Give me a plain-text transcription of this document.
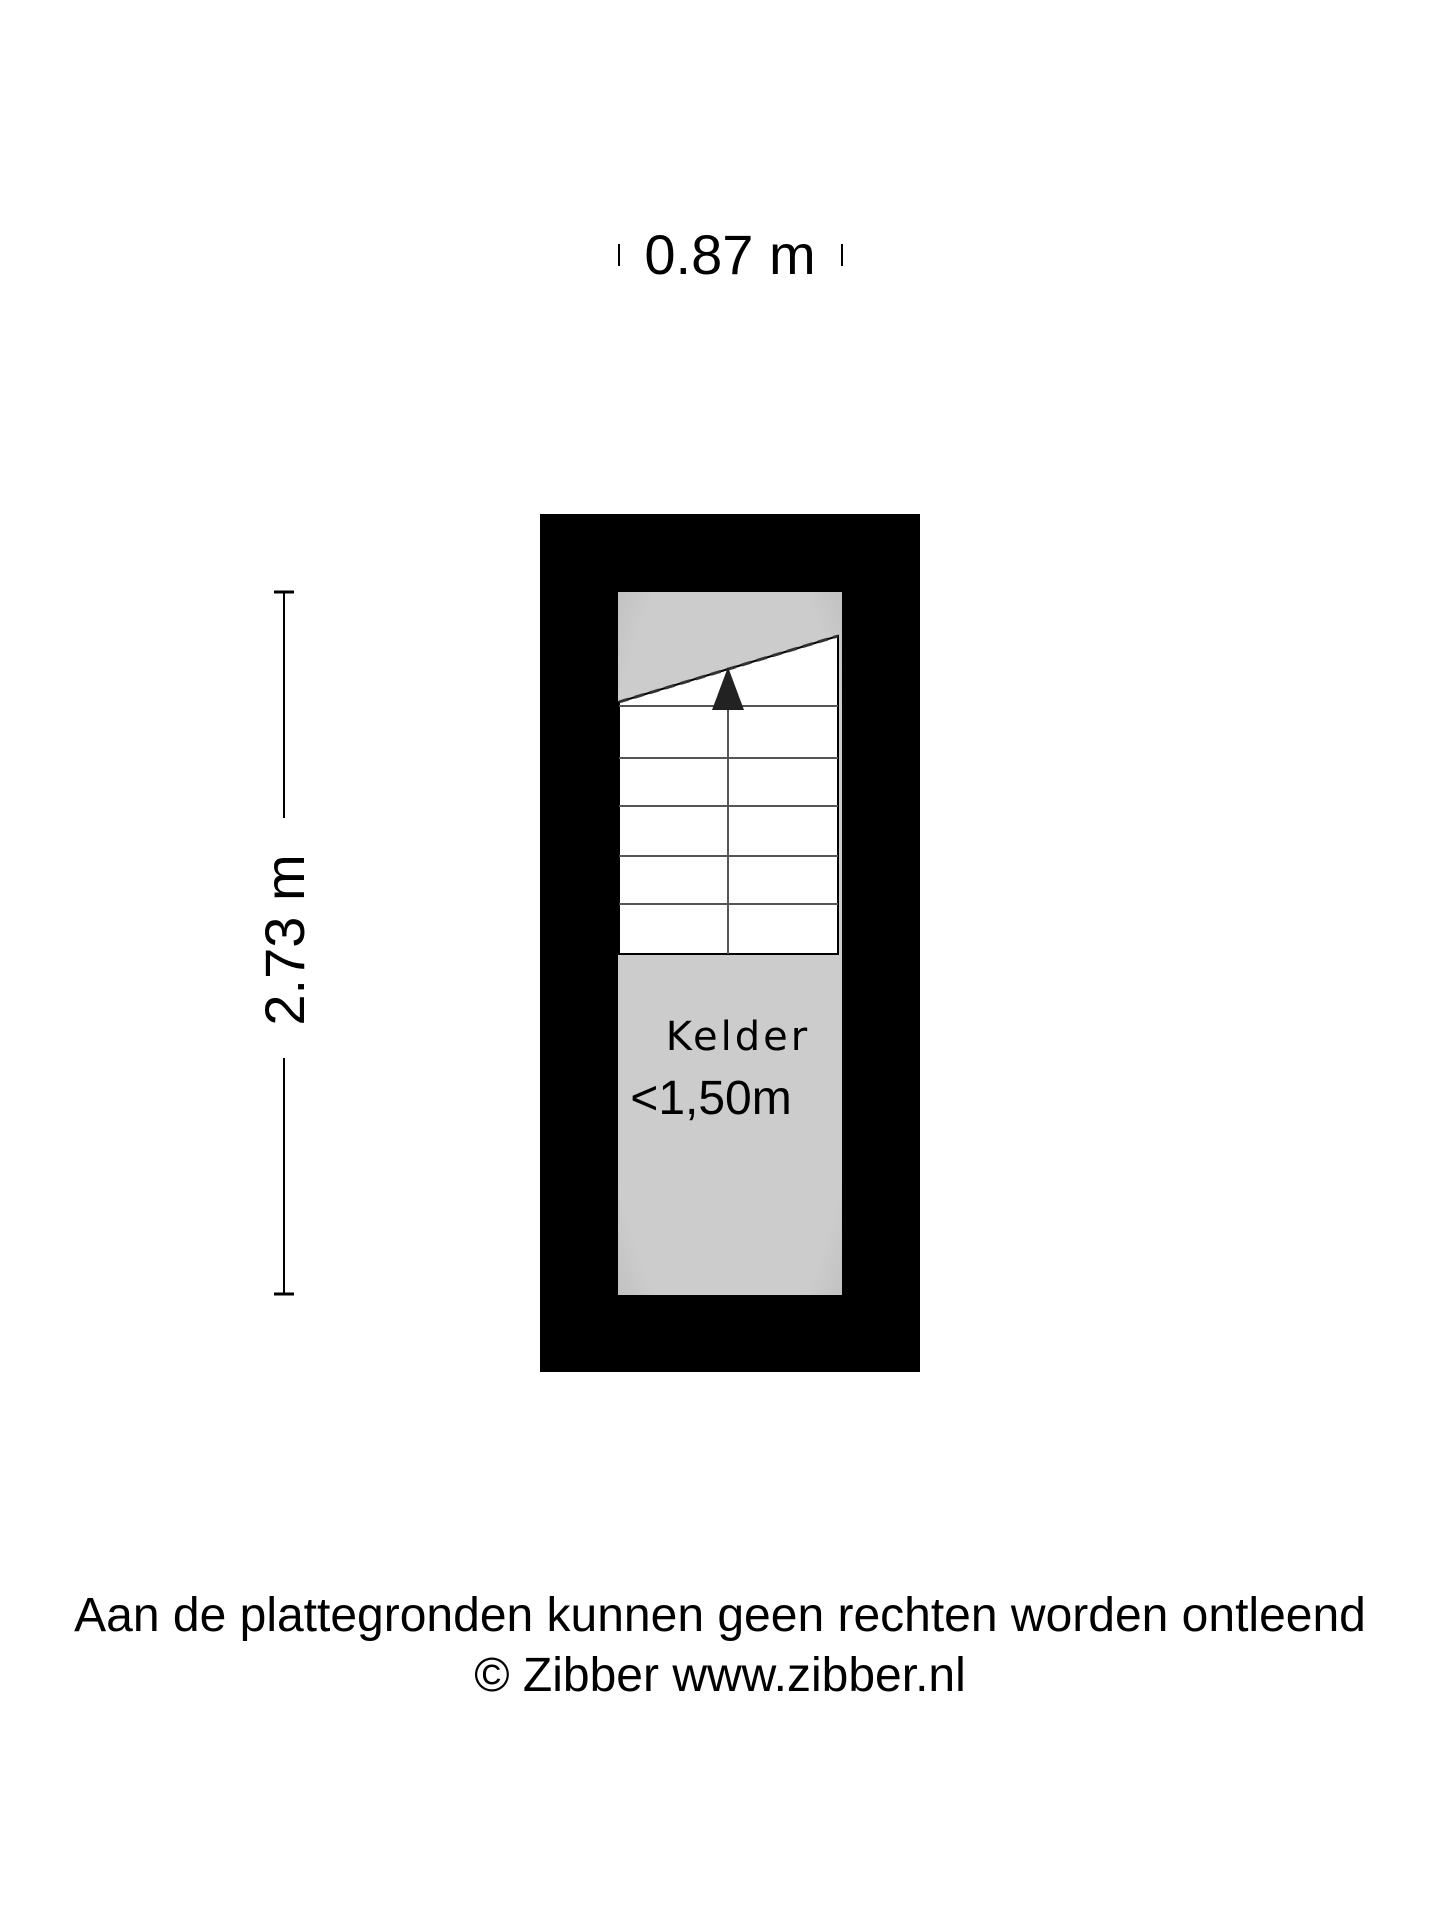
0.87 m
2.73 m
Kelder
<1,50m
Aan de plattegronden kunnen geen rechten worden ontleend
© Zibber www.zibber.nl
